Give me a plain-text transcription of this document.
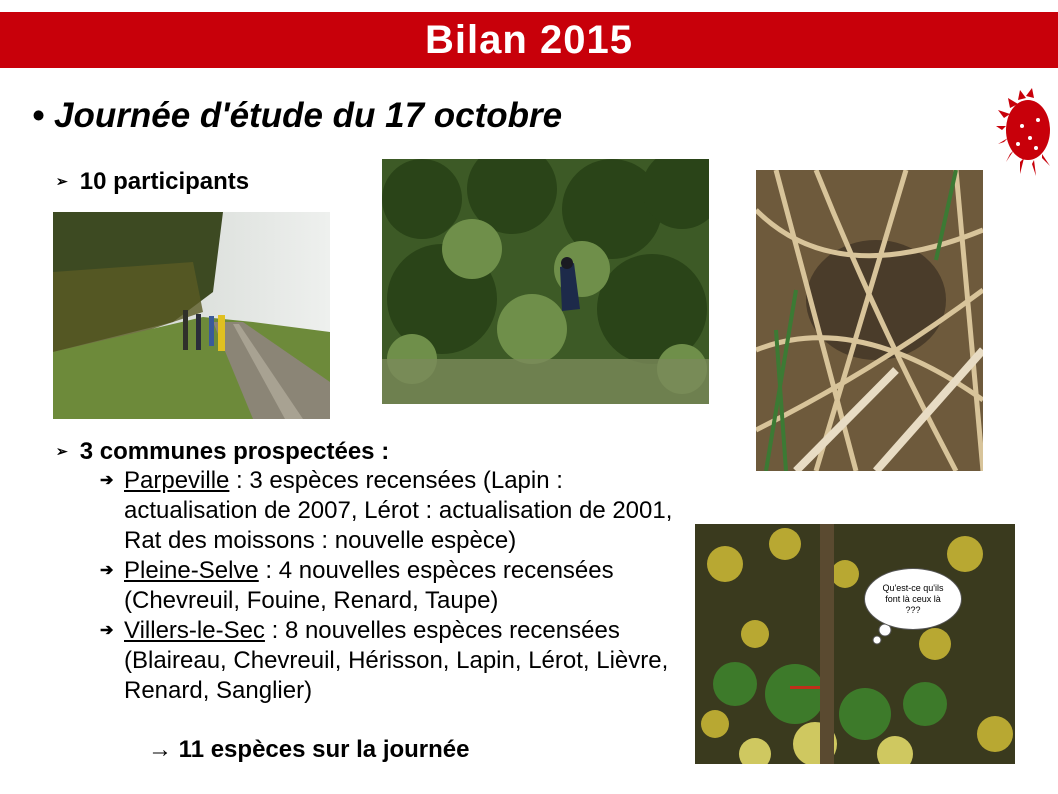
Bilan 2015
• Journée d'étude du 17 octobre
➢ 10 participants
Qu'est-ce qu'ils font là ceux là ???
➢ 3 communes prospectées :
➔ Parpeville : 3 espèces recensées (Lapin : actualisation de 2007, Lérot : actualisation de 2001, Rat des moissons : nouvelle espèce)
➔ Pleine-Selve : 4 nouvelles espèces recensées (Chevreuil, Fouine, Renard, Taupe)
➔ Villers-le-Sec : 8 nouvelles espèces recensées (Blaireau, Chevreuil, Hérisson, Lapin, Lérot, Lièvre, Renard, Sanglier)
→ 11 espèces sur la journée
